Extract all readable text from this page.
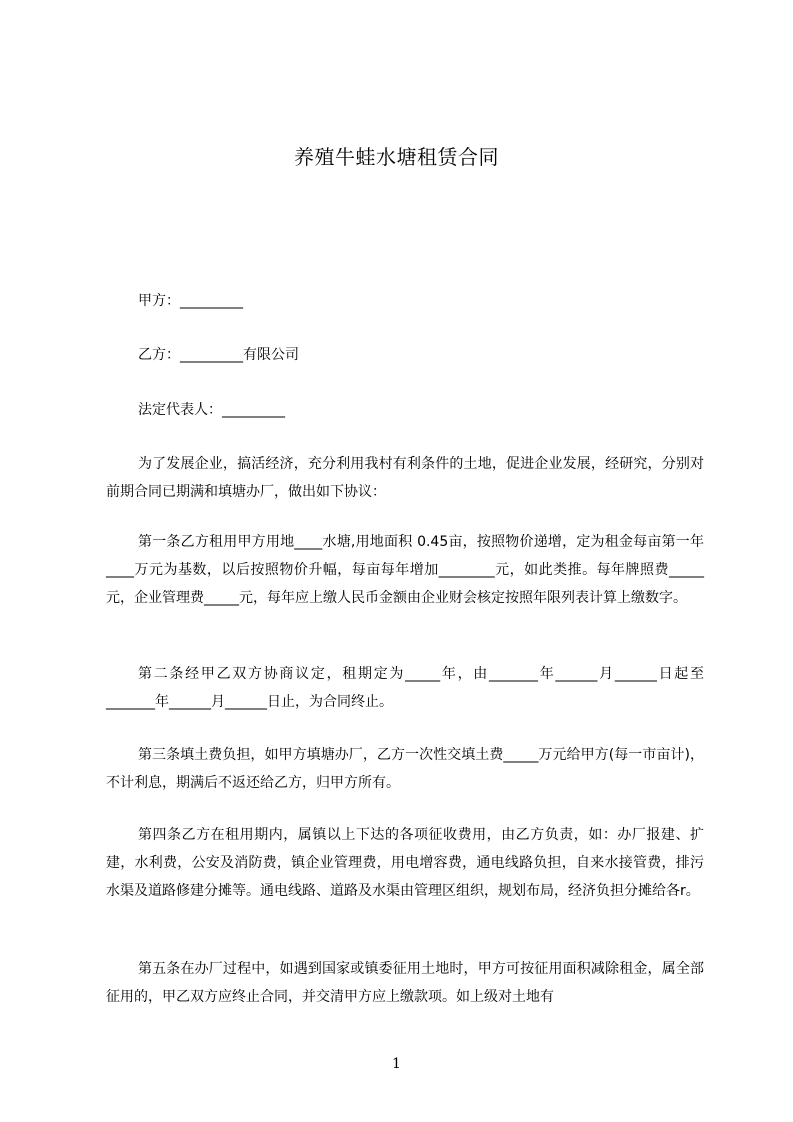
养殖牛蛙水塘租赁合同
甲方：_________
乙方：_________有限公司
法定代表人：_________

为了发展企业，搞活经济，充分利用我村有利条件的土地，促进企业发展，经研究，分别对前期合同已期满和填塘办厂，做出如下协议：

第一条乙方租用甲方用地____水塘,用地面积 0.45亩，按照物价递增，定为租金每亩第一年____万元为基数，以后按照物价升幅，每亩每年增加________元，如此类推。每年牌照费_____元，企业管理费_____元，每年应上缴人民币金额由企业财会核定按照年限列表计算上缴数字。

第二条经甲乙双方协商议定，租期定为_____年，由_______年______月______日起至_______年______月______日止，为合同终止。

第三条填土费负担，如甲方填塘办厂，乙方一次性交填土费_____万元给甲方(每一市亩计)，不计利息，期满后不返还给乙方，归甲方所有。

第四条乙方在租用期内，属镇以上下达的各项征收费用，由乙方负责，如：办厂报建、扩建，水利费，公安及消防费，镇企业管理费，用电增容费，通电线路负担，自来水接管费，排污水渠及道路修建分摊等。通电线路、道路及水渠由管理区组织，规划布局，经济负担分摊给各r。

第五条在办厂过程中，如遇到国家或镇委征用土地时，甲方可按征用面积减除租金，属全部征用的，甲乙双方应终止合同，并交清甲方应上缴款项。如上级对土地有

1
